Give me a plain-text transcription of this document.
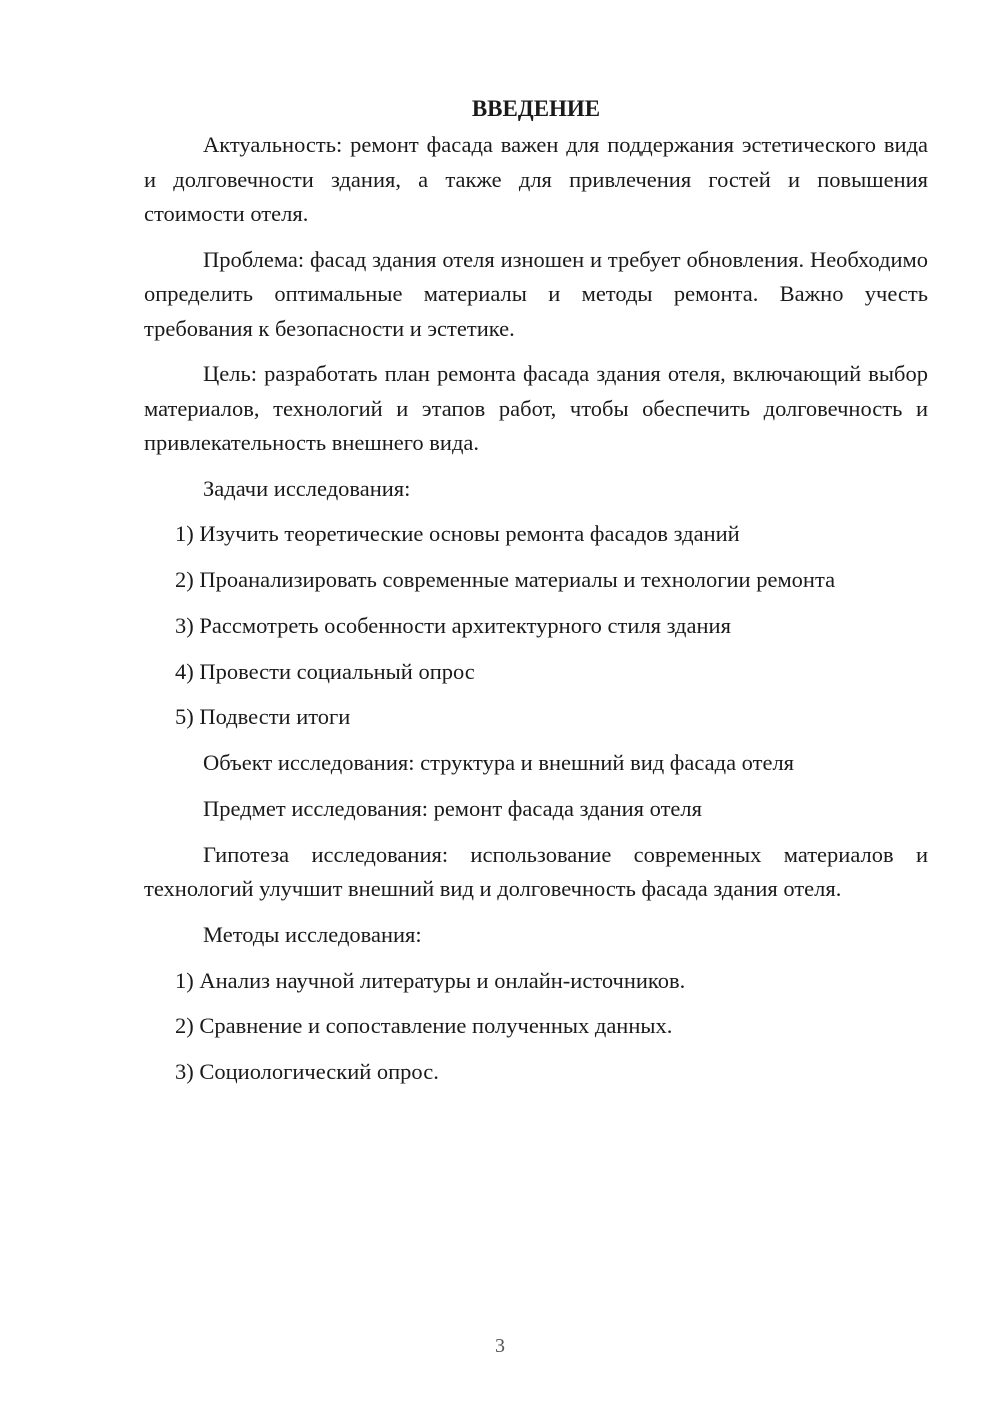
ВВЕДЕНИЕ

Актуальность: ремонт фасада важен для поддержания эстетического вида и долговечности здания, а также для привлечения гостей и повышения стоимости отеля.

Проблема: фасад здания отеля изношен и требует обновления. Необходимо определить оптимальные материалы и методы ремонта. Важно учесть требования к безопасности и эстетике.

Цель: разработать план ремонта фасада здания отеля, включающий выбор материалов, технологий и этапов работ, чтобы обеспечить долговечность и привлекательность внешнего вида.

Задачи исследования:
1) Изучить теоретические основы ремонта фасадов зданий
2) Проанализировать современные материалы и технологии ремонта
3) Рассмотреть особенности архитектурного стиля здания
4) Провести социальный опрос
5) Подвести итоги
Объект исследования: структура и внешний вид фасада отеля
Предмет исследования: ремонт фасада здания отеля

Гипотеза исследования: использование современных материалов и технологий улучшит внешний вид и долговечность фасада здания отеля.

Методы исследования:
1) Анализ научной литературы и онлайн-источников.
2) Сравнение и сопоставление полученных данных.
3) Социологический опрос.
3
